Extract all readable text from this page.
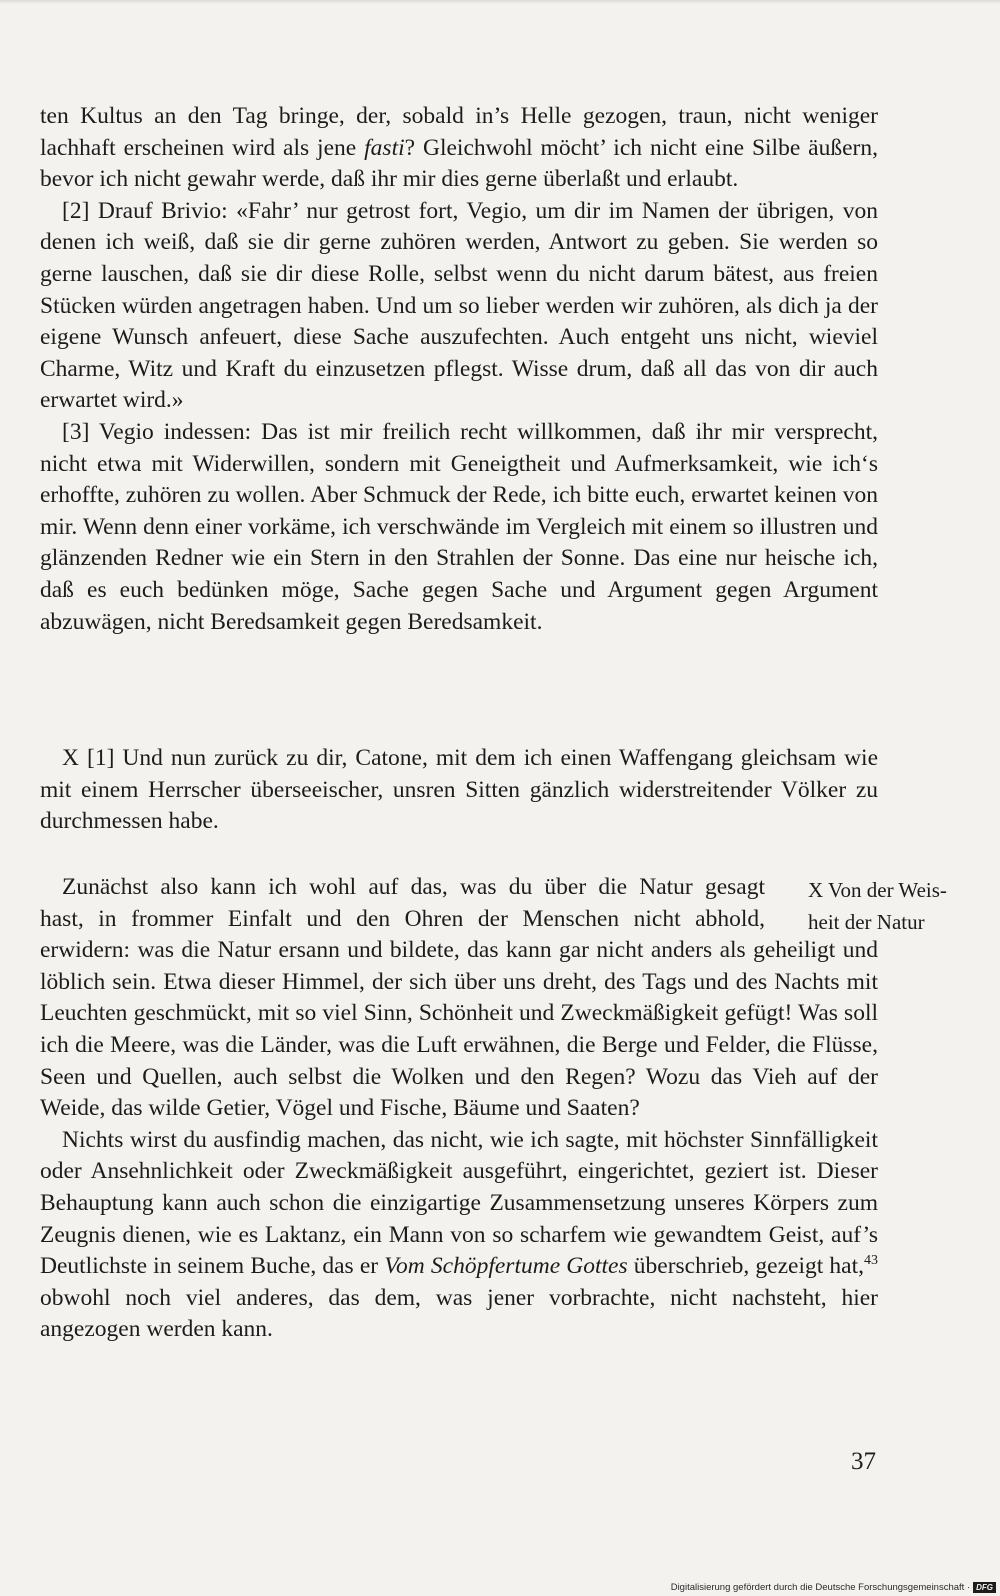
ten Kultus an den Tag bringe, der, sobald in’s Helle gezogen, traun, nicht weniger lachhaft erscheinen wird als jene fasti? Gleichwohl möcht’ ich nicht eine Silbe äußern, bevor ich nicht gewahr werde, daß ihr mir dies gerne überlaßt und erlaubt.

[2] Drauf Brivio: «Fahr’ nur getrost fort, Vegio, um dir im Namen der übrigen, von denen ich weiß, daß sie dir gerne zuhören werden, Antwort zu geben. Sie werden so gerne lauschen, daß sie dir diese Rolle, selbst wenn du nicht darum bätest, aus freien Stücken würden angetragen haben. Und um so lieber werden wir zuhören, als dich ja der eigene Wunsch anfeuert, diese Sache auszufechten. Auch entgeht uns nicht, wieviel Charme, Witz und Kraft du einzusetzen pflegst. Wisse drum, daß all das von dir auch erwartet wird.»

[3] Vegio indessen: Das ist mir freilich recht willkommen, daß ihr mir versprecht, nicht etwa mit Widerwillen, sondern mit Geneigtheit und Aufmerksamkeit, wie ich‘s erhoffte, zuhören zu wollen. Aber Schmuck der Rede, ich bitte euch, erwartet keinen von mir. Wenn denn einer vorkäme, ich verschwände im Vergleich mit einem so illustren und glänzenden Redner wie ein Stern in den Strahlen der Sonne. Das eine nur heische ich, daß es euch bedünken möge, Sache gegen Sache und Argument gegen Argument abzuwägen, nicht Beredsamkeit gegen Beredsamkeit.

X [1] Und nun zurück zu dir, Catone, mit dem ich einen Waffengang gleichsam wie mit einem Herrscher überseeischer, unsren Sitten gänzlich widerstreitender Völker zu durchmessen habe.

Zunächst also kann ich wohl auf das, was du über die Natur gesagt
hast, in frommer Einfalt und den Ohren der Menschen nicht abhold,
erwidern: was die Natur ersann und bildete, das kann gar nicht anders als geheiligt und löblich sein. Etwa dieser Himmel, der sich über uns dreht, des Tags und des Nachts mit Leuchten geschmückt, mit so viel Sinn, Schönheit und Zweckmäßigkeit gefügt! Was soll ich die Meere, was die Länder, was die Luft erwähnen, die Berge und Felder, die Flüsse, Seen und Quellen, auch selbst die Wolken und den Regen? Wozu das Vieh auf der Weide, das wilde Getier, Vögel und Fische, Bäume und Saaten?

Nichts wirst du ausfindig machen, das nicht, wie ich sagte, mit höchster Sinnfälligkeit oder Ansehnlichkeit oder Zweckmäßigkeit ausgeführt, eingerichtet, geziert ist. Dieser Behauptung kann auch schon die einzigartige Zusammensetzung unseres Körpers zum Zeugnis dienen, wie es Laktanz, ein Mann von so scharfem wie gewandtem Geist, auf’s Deutlichste in seinem Buche, das er Vom Schöpfertume Gottes überschrieb, gezeigt hat,$^{43}$ obwohl noch viel anderes, das dem, was jener vorbrachte, nicht nachsteht, hier angezogen werden kann.

X Von der Weis-
heit der Natur
37
Digitalisierung gefördert durch die Deutsche Forschungsgemeinschaft · DFG
